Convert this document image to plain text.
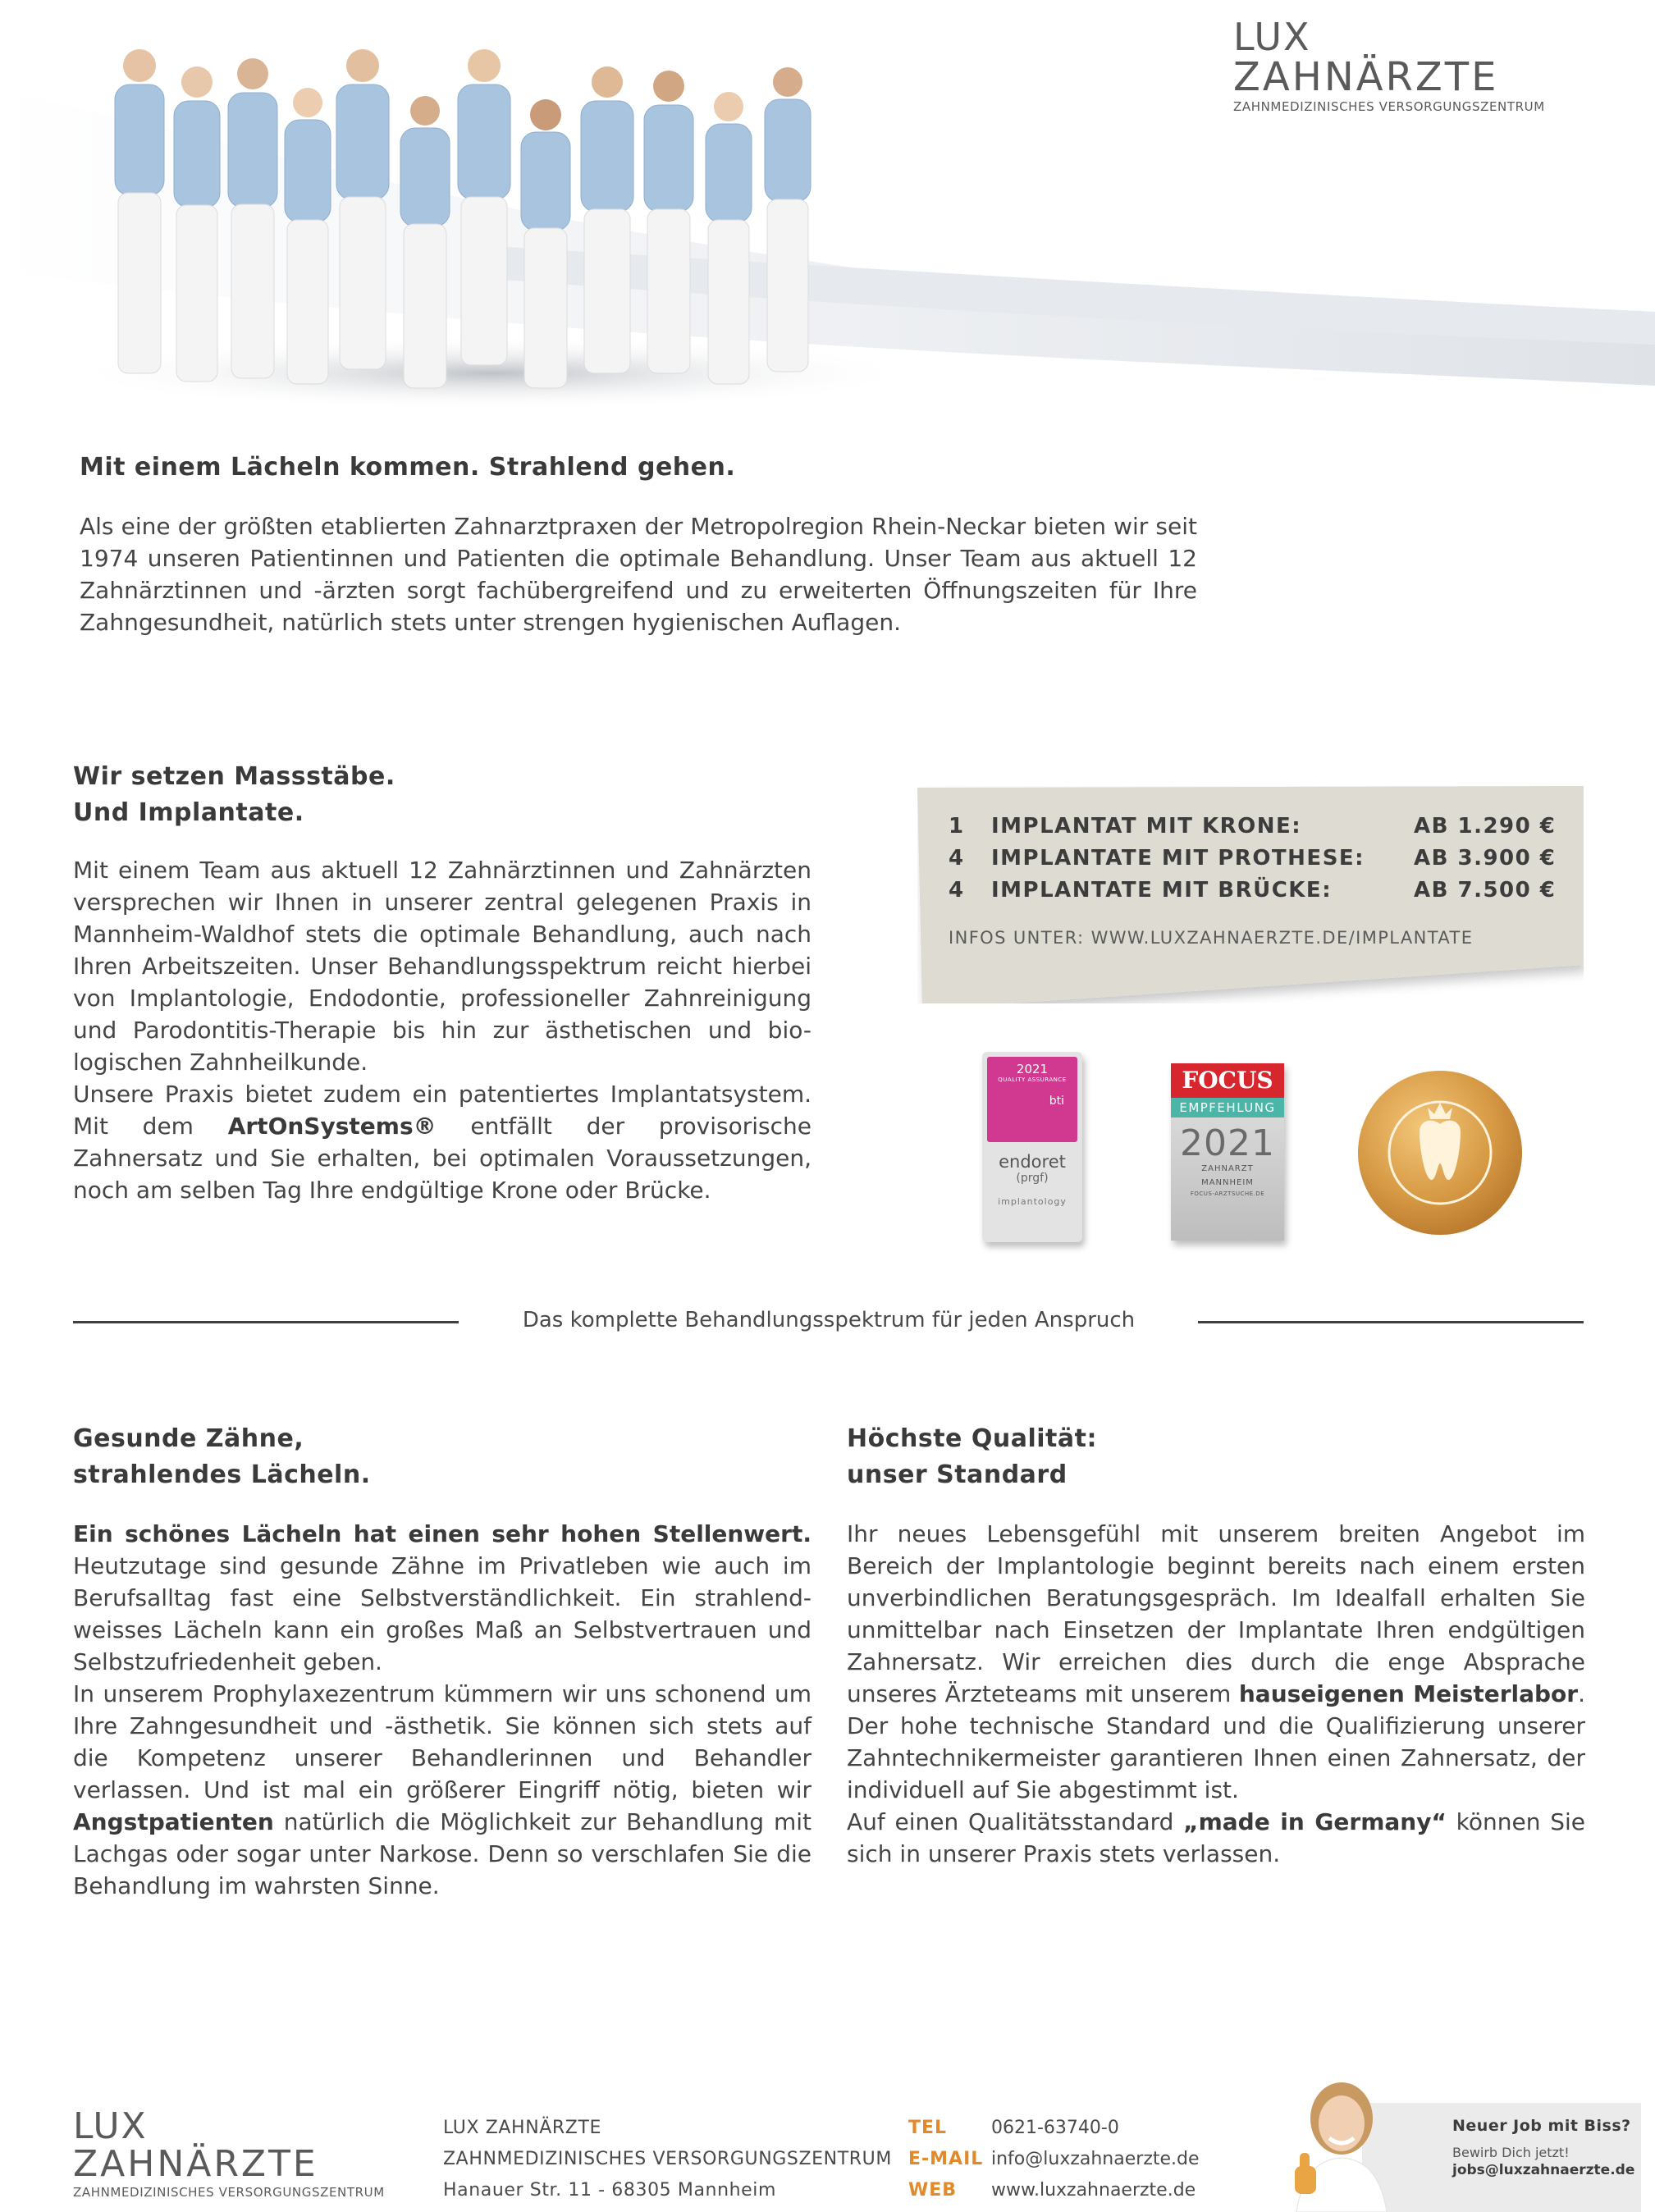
LUX
ZAHNÄRZTE
ZAHNMEDIZINISCHES VERSORGUNGSZENTRUM
Mit einem Lächeln kommen. Strahlend gehen.
Als eine der größten etablierten Zahnarztpraxen der Metropolregion Rhein-Neckar bieten wir seit 1974 unseren Patientinnen und Patienten die optimale Behandlung. Unser Team aus aktuell 12 Zahnärztinnen und -ärzten sorgt fachübergreifend und zu erweiterten Öffnungszeiten für Ihre Zahngesundheit, natürlich stets unter strengen hygienischen Auflagen.
Wir setzen Massstäbe.
Und Implantate.
Mit einem Team aus aktuell 12 Zahnärztinnen und Zahnärzten versprechen wir Ihnen in unserer zentral gelegenen Praxis in Mannheim-Waldhof stets die optimale Behandlung, auch nach Ihren Arbeitszeiten. Unser Behandlungsspektrum reicht hierbei von Implantologie, Endodontie, professioneller Zahnreinigung und Parodontitis-Therapie bis hin zur ästhetischen und bio-logischen Zahnheilkunde.
Unsere Praxis bietet zudem ein patentiertes Implantatsystem. Mit dem ArtOnSystems® entfällt der provisorische Zahnersatz und Sie erhalten, bei optimalen Voraussetzungen, noch am selben Tag Ihre endgültige Krone oder Brücke.
1 IMPLANTAT MIT KRONE:	AB 1.290 €
4 IMPLANTATE MIT PROTHESE: AB 3.900 €
4 IMPLANTATE MIT BRÜCKE:	AB 7.500 €
INFOS UNTER: WWW.LUXZAHNAERZTE.DE/IMPLANTATE
2021
QUALITY ASSURANCE
bti
endoret
(prgf)
implantology
FOCUS
EMPFEHLUNG
2021
ZAHNARZT
MANNHEIM
FOCUS-ARZTSUCHE.DE
Das komplette Behandlungsspektrum für jeden Anspruch
Gesunde Zähne,
strahlendes Lächeln.
Ein schönes Lächeln hat einen sehr hohen Stellenwert. Heutzutage sind gesunde Zähne im Privatleben wie auch im Berufsalltag fast eine Selbstverständlichkeit. Ein strahlend-weisses Lächeln kann ein großes Maß an Selbstvertrauen und Selbstzufriedenheit geben.
In unserem Prophylaxezentrum kümmern wir uns schonend um Ihre Zahngesundheit und -ästhetik. Sie können sich stets auf die Kompetenz unserer Behandlerinnen und Behandler verlassen. Und ist mal ein größerer Eingriff nötig, bieten wir Angstpatienten natürlich die Möglichkeit zur Behandlung mit Lachgas oder sogar unter Narkose. Denn so verschlafen Sie die Behandlung im wahrsten Sinne.
Höchste Qualität:
unser Standard
Ihr neues Lebensgefühl mit unserem breiten Angebot im Bereich der Implantologie beginnt bereits nach einem ersten unverbindlichen Beratungsgespräch. Im Idealfall erhalten Sie unmittelbar nach Einsetzen der Implantate Ihren endgültigen Zahnersatz. Wir erreichen dies durch die enge Absprache unseres Ärzteteams mit unserem hauseigenen Meisterlabor. Der hohe technische Standard und die Qualifizierung unserer Zahntechnikermeister garantieren Ihnen einen Zahnersatz, der individuell auf Sie abgestimmt ist.
Auf einen Qualitätsstandard „made in Germany“ können Sie sich in unserer Praxis stets verlassen.
LUX
ZAHNÄRZTE
ZAHNMEDIZINISCHES VERSORGUNGSZENTRUM
LUX ZAHNÄRZTE
ZAHNMEDIZINISCHES VERSORGUNGSZENTRUM
Hanauer Str. 11 - 68305 Mannheim
TEL
E-MAIL
WEB
0621-63740-0
info@luxzahnaerzte.de
www.luxzahnaerzte.de
Neuer Job mit Biss?
Bewirb Dich jetzt!
jobs@luxzahnaerzte.de
